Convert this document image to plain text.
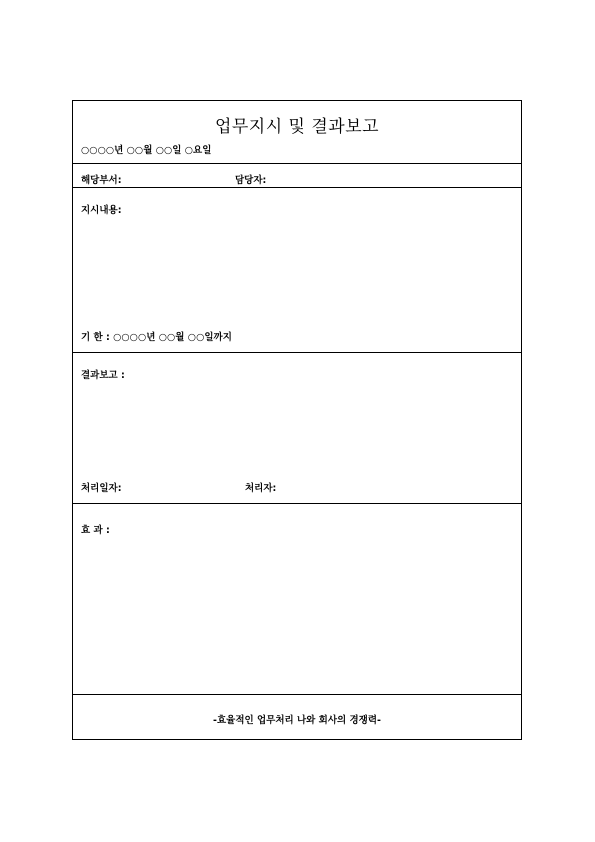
업무지시 및 결과보고
○○○○년 ○○월 ○○일 ○요일
해당부서:	담당자:
지시내용:
기 한 : ○○○○년 ○○월 ○○일까지
결과보고 :
처리일자:	처리자:
효 과 :
-효율적인 업무처리 나와 회사의 경쟁력-
